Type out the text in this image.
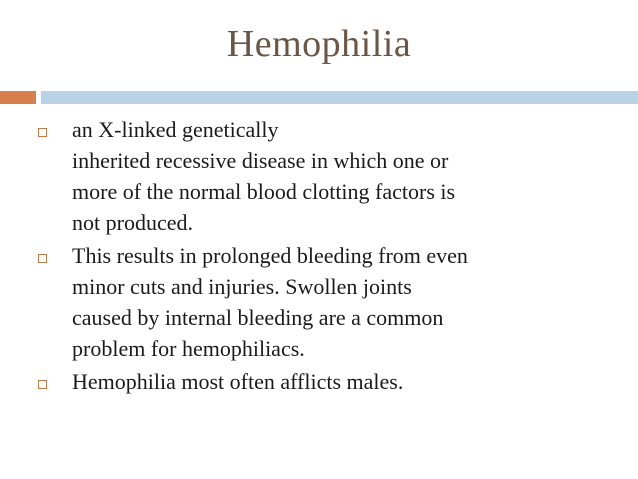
Hemophilia
an X-linked genetically
inherited recessive disease in which one or
more of the normal blood clotting factors is
not produced.
This results in prolonged bleeding from even
minor cuts and injuries. Swollen joints
caused by internal bleeding are a common
problem for hemophiliacs.
Hemophilia most often afflicts males.
